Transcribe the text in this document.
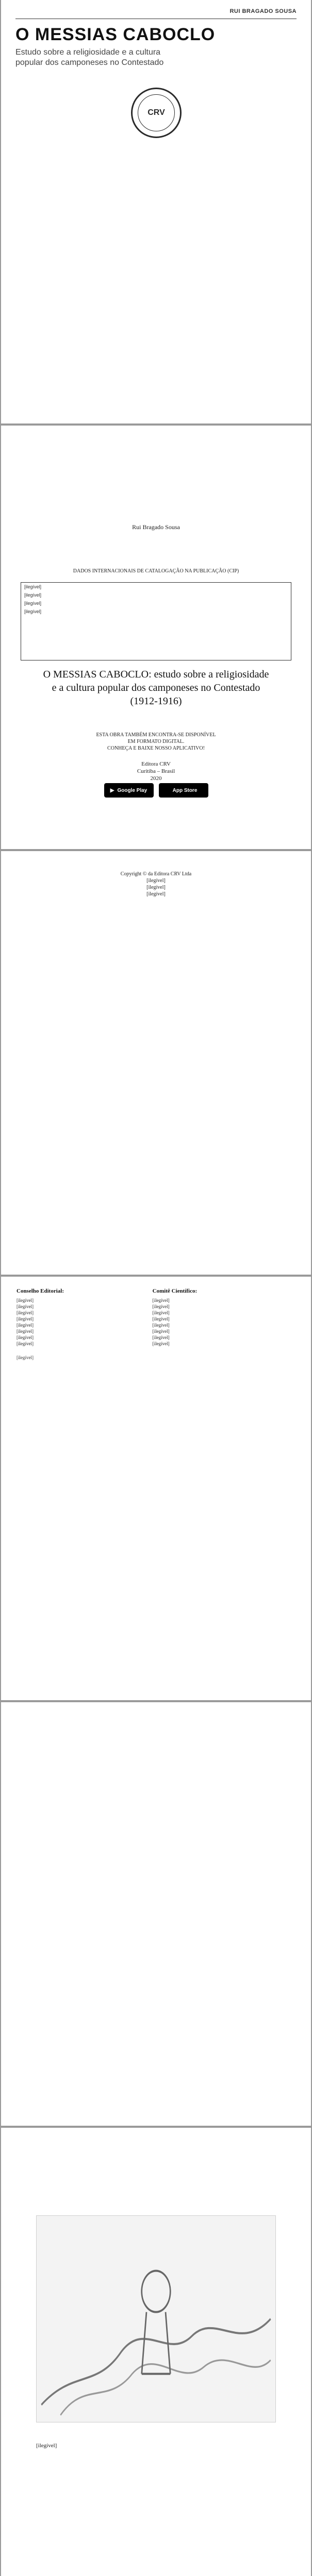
RUI BRAGADO SOUSA
O MESSIAS CABOCLO
Estudo sobre a religiosidade e a cultura
popular dos camponeses no Contestado
CRV
Rui Bragado Sousa
O MESSIAS CABOCLO: estudo sobre a religiosidade e a cultura popular dos camponeses no Contestado (1912-1916)
Editora CRV
Curitiba – Brasil
2020
Copyright © da Editora CRV Ltda
[ilegível]
[ilegível]
[ilegível]
DADOS INTERNACIONAIS DE CATALOGAÇÃO NA PUBLICAÇÃO (CIP)
[ilegível]
[ilegível]
[ilegível]
[ilegível]
ESTA OBRA TAMBÉM ENCONTRA-SE DISPONÍVEL
EM FORMATO DIGITAL.
CONHEÇA E BAIXE NOSSO APLICATIVO!
▶ Google Play	App Store
Conselho Editorial:
[ilegível]
[ilegível]
[ilegível]
[ilegível]
[ilegível]
[ilegível]
[ilegível]
[ilegível]

Comitê Científico:
[ilegível]
[ilegível]
[ilegível]
[ilegível]
[ilegível]
[ilegível]
[ilegível]
[ilegível]
[ilegível]
[ilegível]
